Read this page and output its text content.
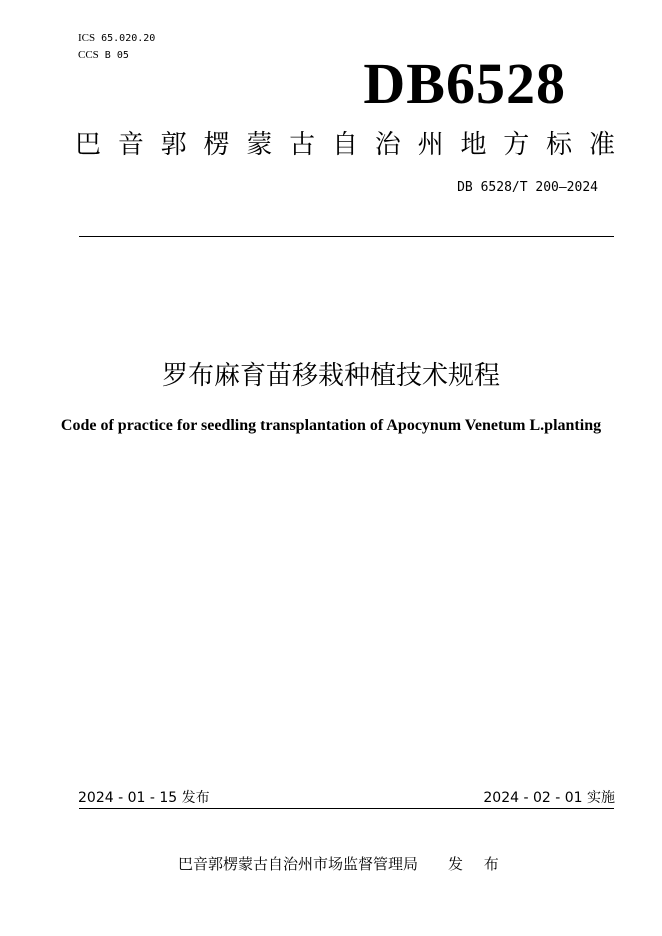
ICS 65.020.20
CCS B 05	DB6528
巴 音 郭 楞 蒙 古 自 治 州 地 方 标 准
DB 6528/T 200—2024
罗布麻育苗移栽种植技术规程
Code of practice for seedling transplantation of Apocynum Venetum L.planting
2024 - 01 - 15 发布	2024 - 02 - 01 实施
巴音郭楞蒙古自治州市场监督管理局 发 布
